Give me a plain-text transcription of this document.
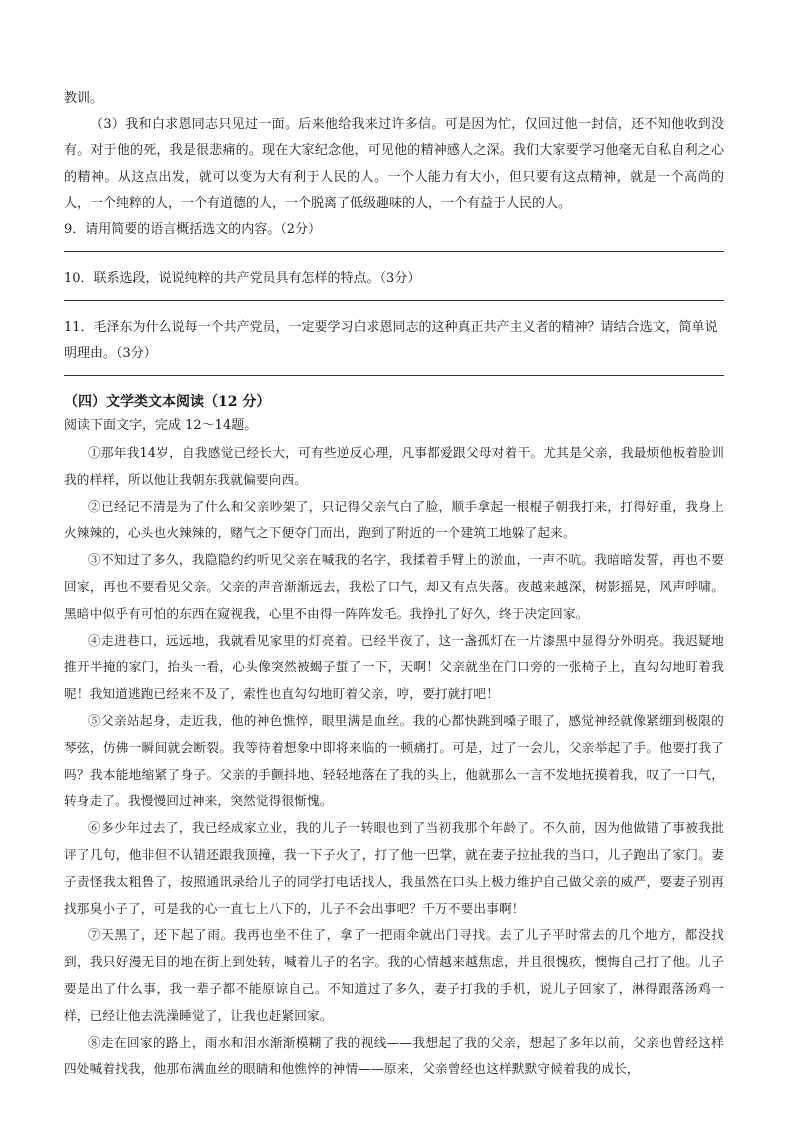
教训。

（3）我和白求恩同志只见过一面。后来他给我来过许多信。可是因为忙，仅回过他一封信，还不知他收到没有。对于他的死，我是很悲痛的。现在大家纪念他，可见他的精神感人之深。我们大家要学习他毫无自私自利之心的精神。从这点出发，就可以变为大有利于人民的人。一个人能力有大小，但只要有这点精神，就是一个高尚的人，一个纯粹的人，一个有道德的人，一个脱离了低级趣味的人，一个有益于人民的人。

9．请用简要的语言概括选文的内容。（2分）

10．联系选段，说说纯粹的共产党员具有怎样的特点。（3分）

11．毛泽东为什么说每一个共产党员，一定要学习白求恩同志的这种真正共产主义者的精神？请结合选文，简单说明理由。（3分）

（四）文学类文本阅读（12 分）

阅读下面文字，完成 12～14题。

①那年我14岁，自我感觉已经长大，可有些逆反心理，凡事都爱跟父母对着干。尤其是父亲，我最烦他板着脸训我的样样，所以他让我朝东我就偏要向西。

②已经记不清是为了什么和父亲吵架了，只记得父亲气白了脸，顺手拿起一根棍子朝我打来，打得好重，我身上火辣辣的，心头也火辣辣的，赌气之下便夺门而出，跑到了附近的一个建筑工地躲了起来。

③不知过了多久，我隐隐约约听见父亲在喊我的名字，我揉着手臂上的淤血，一声不吭。我暗暗发誓，再也不要回家，再也不要看见父亲。父亲的声音渐渐远去，我松了口气，却又有点失落。夜越来越深，树影摇晃，风声呼啸。黑暗中似乎有可怕的东西在窥视我，心里不由得一阵阵发毛。我挣扎了好久，终于决定回家。

④走进巷口，远远地，我就看见家里的灯亮着。已经半夜了，这一盏孤灯在一片漆黑中显得分外明亮。我迟疑地推开半掩的家门，抬头一看，心头像突然被蝎子蜇了一下，天啊！父亲就坐在门口旁的一张椅子上，直勾勾地盯着我呢！我知道逃跑已经来不及了，索性也直勾勾地盯着父亲，哼，要打就打吧！

⑤父亲站起身，走近我，他的神色憔悴，眼里满是血丝。我的心都快跳到嗓子眼了，感觉神经就像紧绷到极限的琴弦，仿佛一瞬间就会断裂。我等待着想象中即将来临的一顿痛打。可是，过了一会儿，父亲举起了手。他要打我了吗？我本能地缩紧了身子。父亲的手颤抖地、轻轻地落在了我的头上，他就那么一言不发地抚摸着我，叹了一口气，转身走了。我慢慢回过神来，突然觉得很惭愧。

⑥多少年过去了，我已经成家立业，我的儿子一转眼也到了当初我那个年龄了。不久前，因为他做错了事被我批评了几句，他非但不认错还跟我顶撞，我一下子火了，打了他一巴掌，就在妻子拉扯我的当口，儿子跑出了家门。妻子责怪我太粗鲁了，按照通讯录给儿子的同学打电话找人，我虽然在口头上极力维护自己做父亲的威严，要妻子别再找那臭小子了，可是我的心一直七上八下的，儿子不会出事吧？千万不要出事啊！

⑦天黑了，还下起了雨。我再也坐不住了，拿了一把雨伞就出门寻找。去了儿子平时常去的几个地方，都没找到，我只好漫无目的地在街上到处转，喊着儿子的名字。我的心情越来越焦虑，并且很愧疚，懊悔自己打了他。儿子要是出了什么事，我一辈子都不能原谅自己。不知道过了多久，妻子打我的手机，说儿子回家了，淋得跟落汤鸡一样，已经让他去洗澡睡觉了，让我也赶紧回家。

⑧走在回家的路上，雨水和泪水渐渐模糊了我的视线——我想起了我的父亲，想起了多年以前，父亲也曾经这样四处喊着找我，他那布满血丝的眼睛和他憔悴的神情——原来，父亲曾经也这样默默守候着我的成长，
